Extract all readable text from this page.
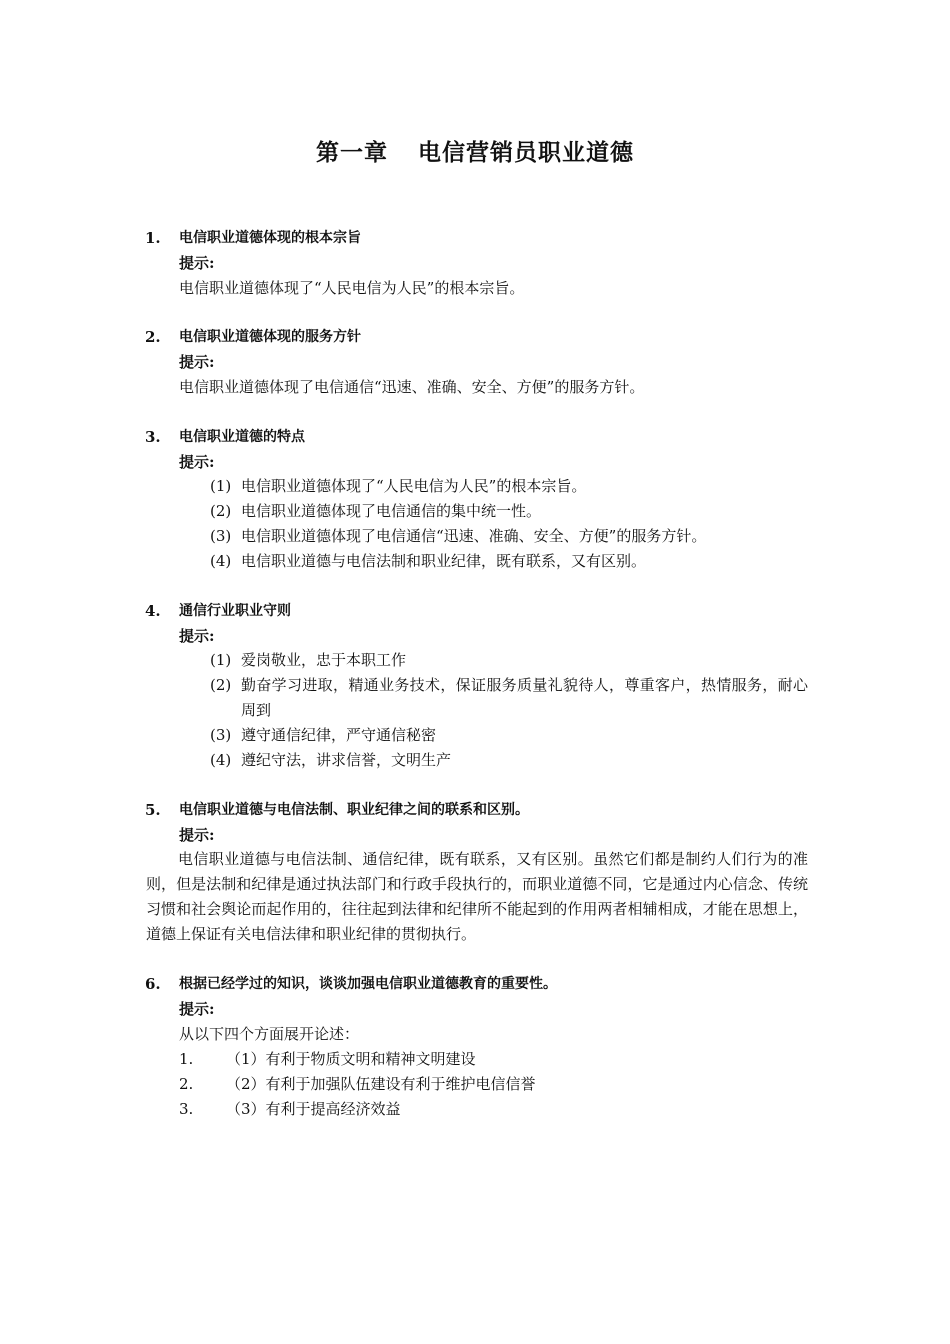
第一章 电信营销员职业道德
1. 电信职业道德体现的根本宗旨
提示:
电信职业道德体现了“人民电信为人民”的根本宗旨。
2. 电信职业道德体现的服务方针
提示:
电信职业道德体现了电信通信“迅速、准确、安全、方便”的服务方针。
3. 电信职业道德的特点
提示:
(1) 电信职业道德体现了“人民电信为人民”的根本宗旨。
(2) 电信职业道德体现了电信通信的集中统一性。
(3) 电信职业道德体现了电信通信“迅速、准确、安全、方便”的服务方针。
(4) 电信职业道德与电信法制和职业纪律，既有联系，又有区别。
4. 通信行业职业守则
提示:
(1) 爱岗敬业，忠于本职工作
(2) 勤奋学习进取，精通业务技术，保证服务质量礼貌待人，尊重客户，热情服务，耐心周到
(3) 遵守通信纪律，严守通信秘密
(4) 遵纪守法，讲求信誉，文明生产
5. 电信职业道德与电信法制、职业纪律之间的联系和区别。
提示:
电信职业道德与电信法制、通信纪律，既有联系，又有区别。虽然它们都是制约人们行为的准则，但是法制和纪律是通过执法部门和行政手段执行的，而职业道德不同，它是通过内心信念、传统习惯和社会舆论而起作用的，往往起到法律和纪律所不能起到的作用两者相辅相成，才能在思想上，道德上保证有关电信法律和职业纪律的贯彻执行。
6. 根据已经学过的知识，谈谈加强电信职业道德教育的重要性。
提示:
从以下四个方面展开论述：
1. （1）有利于物质文明和精神文明建设
2. （2）有利于加强队伍建设有利于维护电信信誉
3. （3）有利于提高经济效益
